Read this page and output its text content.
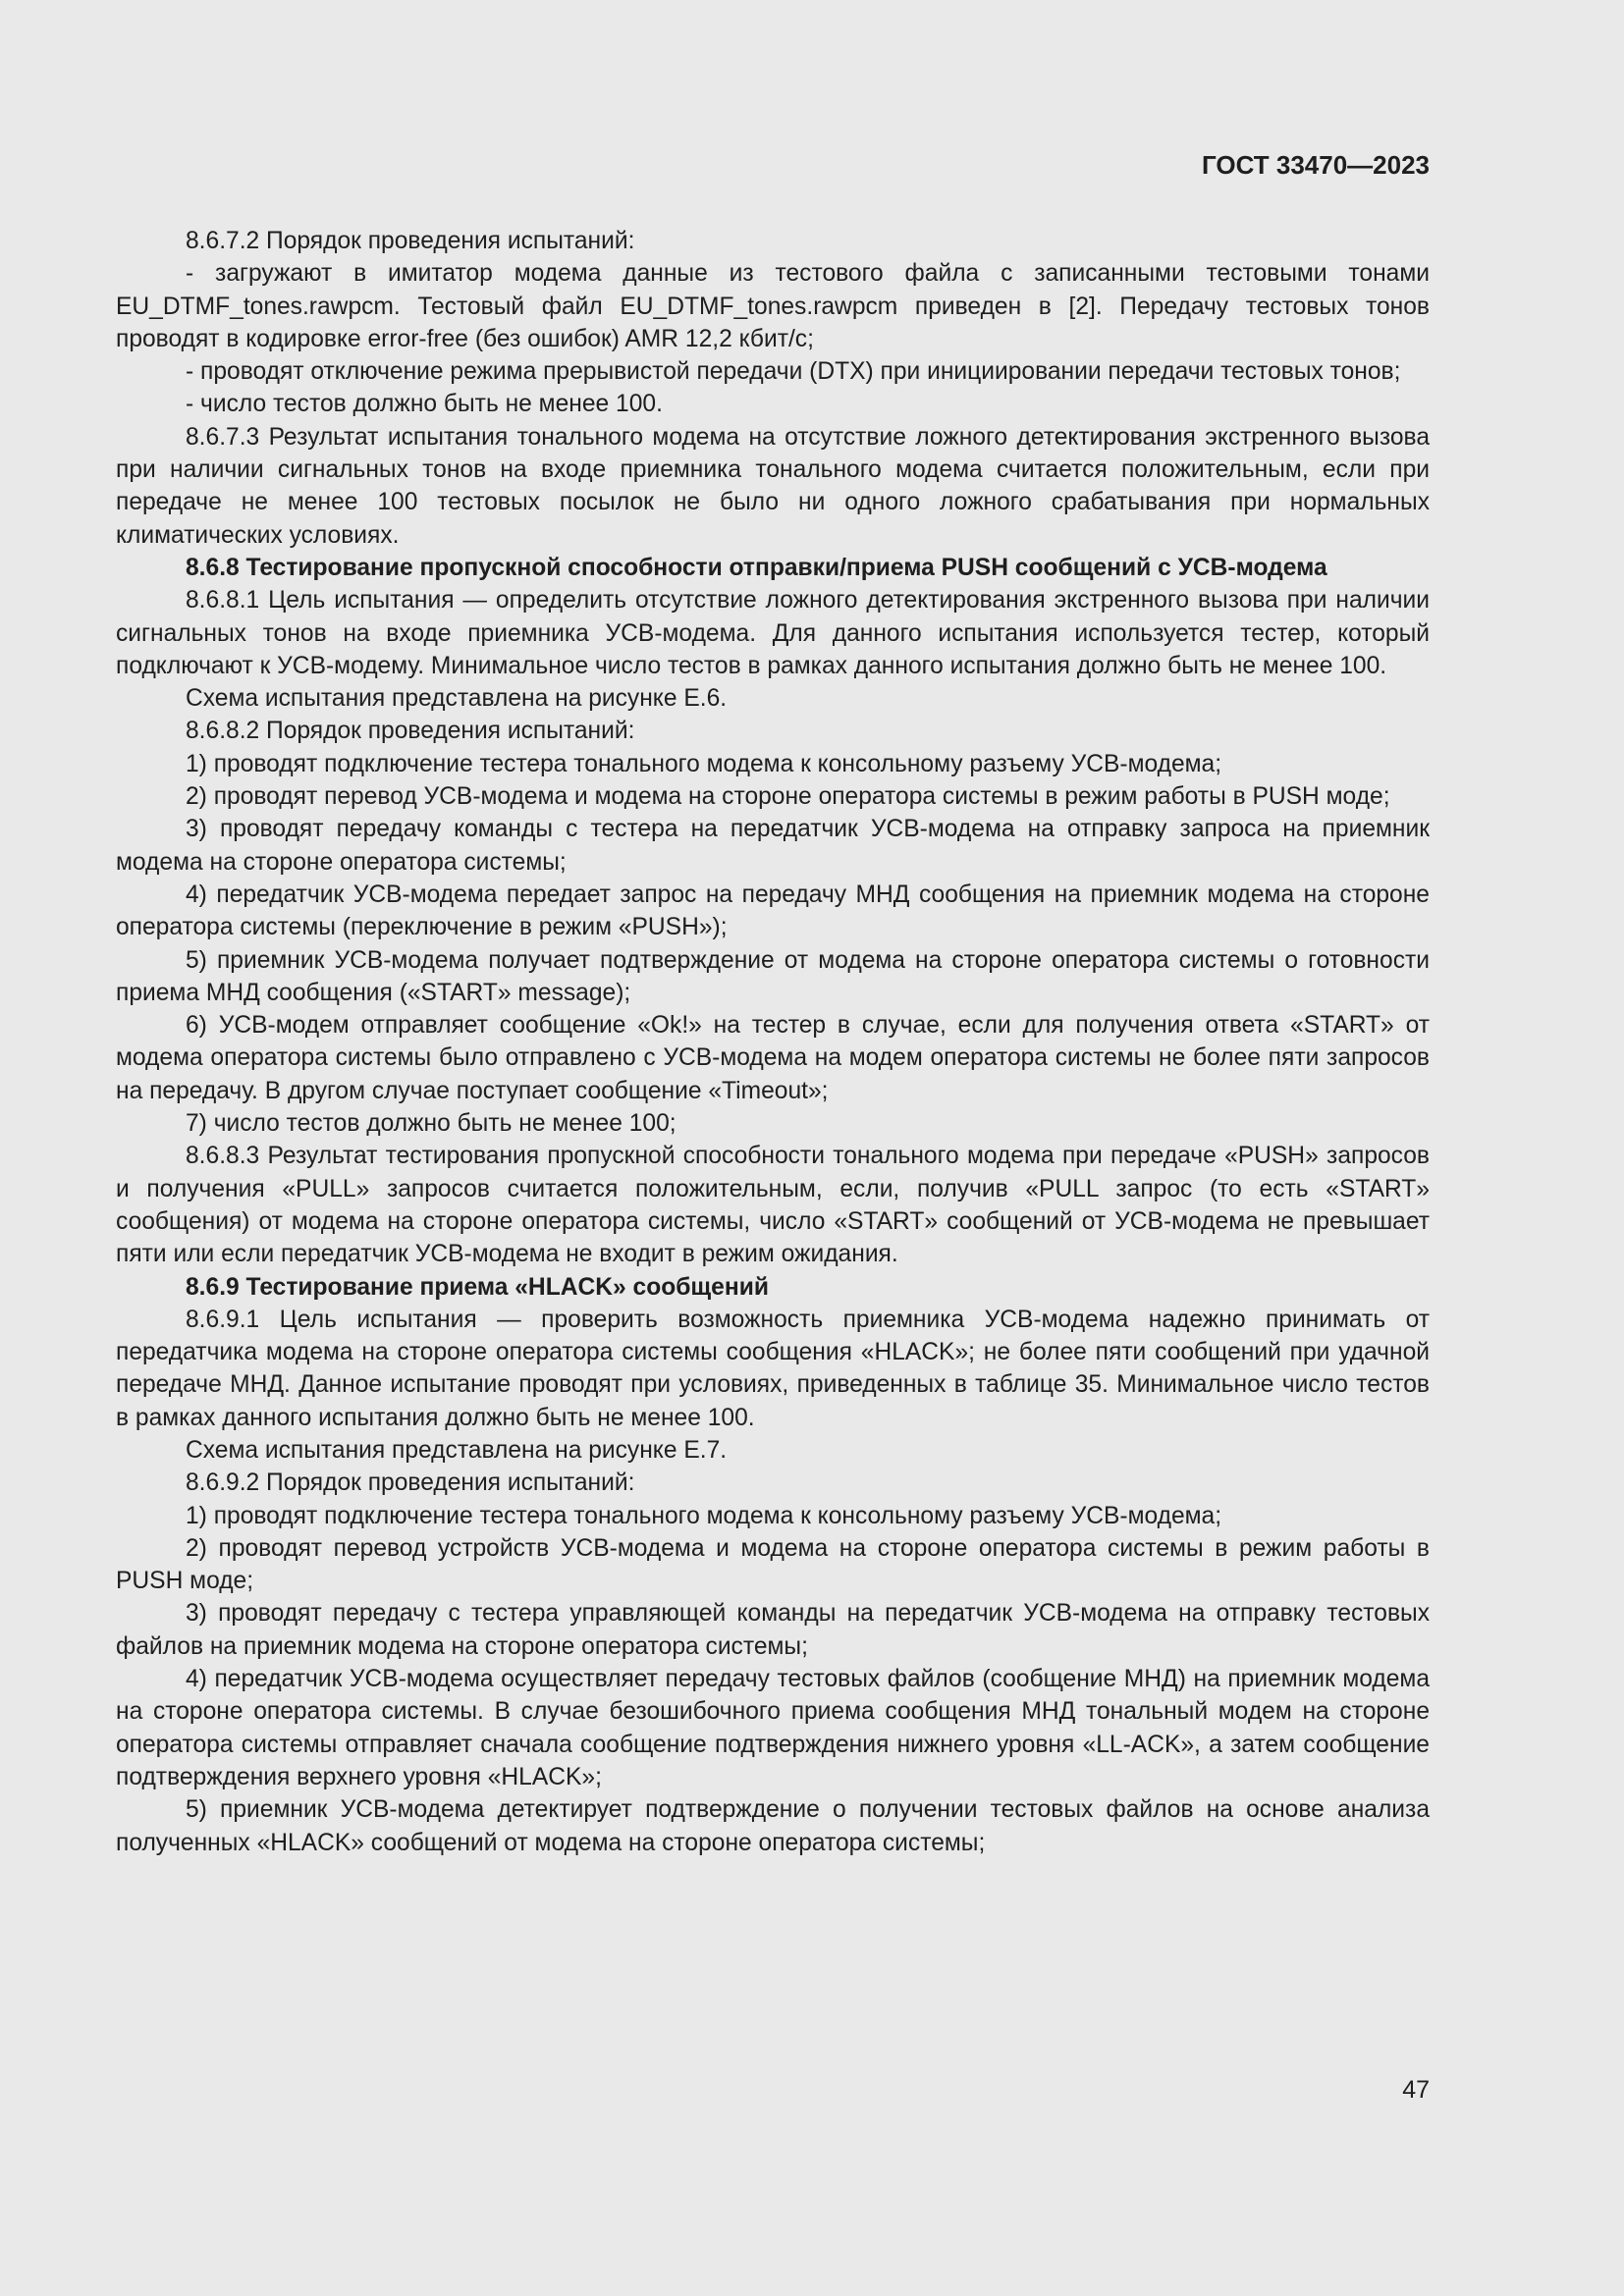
ГОСТ 33470—2023

8.6.7.2 Порядок проведения испытаний:

- загружают в имитатор модема данные из тестового файла с записанными тестовыми тонами EU_DTMF_tones.rawpcm. Тестовый файл EU_DTMF_tones.rawpcm приведен в [2]. Передачу тестовых тонов проводят в кодировке error-free (без ошибок) AMR 12,2 кбит/с;

- проводят отключение режима прерывистой передачи (DTX) при инициировании передачи тестовых тонов;

- число тестов должно быть не менее 100.

8.6.7.3 Результат испытания тонального модема на отсутствие ложного детектирования экстренного вызова при наличии сигнальных тонов на входе приемника тонального модема считается положительным, если при передаче не менее 100 тестовых посылок не было ни одного ложного срабатывания при нормальных климатических условиях.

8.6.8 Тестирование пропускной способности отправки/приема PUSH сообщений с УСВ-модема

8.6.8.1 Цель испытания — определить отсутствие ложного детектирования экстренного вызова при наличии сигнальных тонов на входе приемника УСВ-модема. Для данного испытания используется тестер, который подключают к УСВ-модему. Минимальное число тестов в рамках данного испытания должно быть не менее 100.

Схема испытания представлена на рисунке Е.6.

8.6.8.2 Порядок проведения испытаний:

1) проводят подключение тестера тонального модема к консольному разъему УСВ-модема;

2) проводят перевод УСВ-модема и модема на стороне оператора системы в режим работы в PUSH моде;

3) проводят передачу команды с тестера на передатчик УСВ-модема на отправку запроса на приемник модема на стороне оператора системы;

4) передатчик УСВ-модема передает запрос на передачу МНД сообщения на приемник модема на стороне оператора системы (переключение в режим «PUSH»);

5) приемник УСВ-модема получает подтверждение от модема на стороне оператора системы о готовности приема МНД сообщения («START» message);

6) УСВ-модем отправляет сообщение «Ok!» на тестер в случае, если для получения ответа «START» от модема оператора системы было отправлено с УСВ-модема на модем оператора системы не более пяти запросов на передачу. В другом случае поступает сообщение «Timeout»;

7) число тестов должно быть не менее 100;

8.6.8.3 Результат тестирования пропускной способности тонального модема при передаче «PUSH» запросов и получения «PULL» запросов считается положительным, если, получив «PULL запрос (то есть «START» сообщения) от модема на стороне оператора системы, число «START» сообщений от УСВ-модема не превышает пяти или если передатчик УСВ-модема не входит в режим ожидания.

8.6.9 Тестирование приема «HLACK» сообщений

8.6.9.1 Цель испытания — проверить возможность приемника УСВ-модема надежно принимать от передатчика модема на стороне оператора системы сообщения «HLACK»; не более пяти сообщений при удачной передаче МНД. Данное испытание проводят при условиях, приведенных в таблице 35. Минимальное число тестов в рамках данного испытания должно быть не менее 100.

Схема испытания представлена на рисунке Е.7.

8.6.9.2 Порядок проведения испытаний:

1) проводят подключение тестера тонального модема к консольному разъему УСВ-модема;

2) проводят перевод устройств УСВ-модема и модема на стороне оператора системы в режим работы в PUSH моде;

3) проводят передачу с тестера управляющей команды на передатчик УСВ-модема на отправку тестовых файлов на приемник модема на стороне оператора системы;

4) передатчик УСВ-модема осуществляет передачу тестовых файлов (сообщение МНД) на приемник модема на стороне оператора системы. В случае безошибочного приема сообщения МНД тональный модем на стороне оператора системы отправляет сначала сообщение подтверждения нижнего уровня «LL-ACK», а затем сообщение подтверждения верхнего уровня «HLACK»;

5) приемник УСВ-модема детектирует подтверждение о получении тестовых файлов на основе анализа полученных «HLACK» сообщений от модема на стороне оператора системы;

47
